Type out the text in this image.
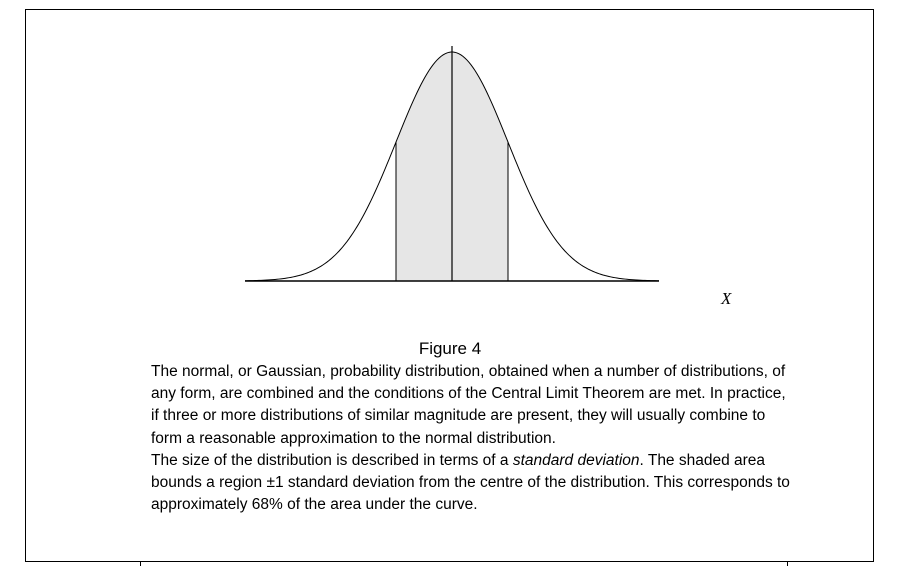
X
Figure 4

The normal, or Gaussian, probability distribution, obtained when a number of distributions, of any form, are combined and the conditions of the Central Limit Theorem are met. In practice, if three or more distributions of similar magnitude are present, they will usually combine to form a reasonable approximation to the normal distribution.

The size of the distribution is described in terms of a standard deviation. The shaded area bounds a region ±1 standard deviation from the centre of the distribution. This corresponds to approximately 68% of the area under the curve.
